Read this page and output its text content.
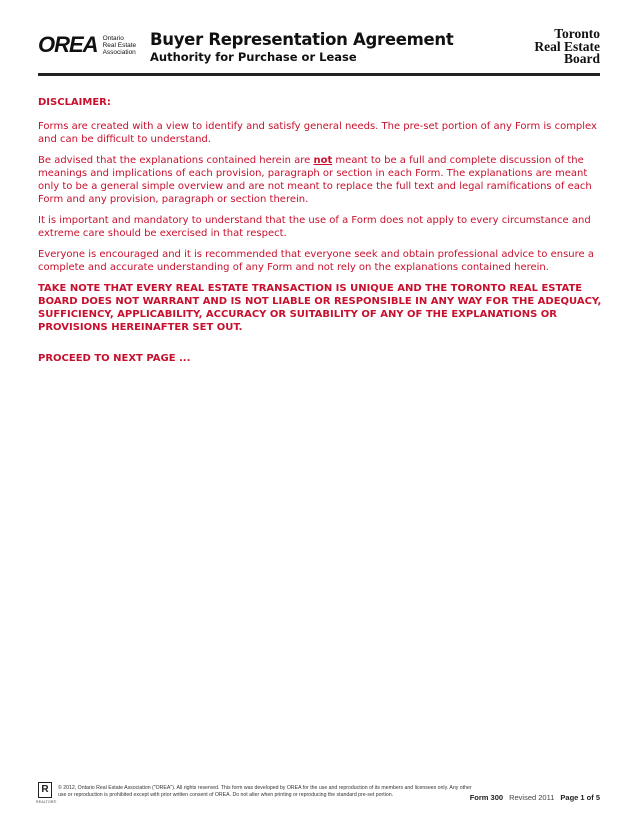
OREA Ontario
Real Estate
Association
Buyer Representation Agreement
Authority for Purchase or Lease
Toronto
Real Estate
Board

DISCLAIMER:

Forms are created with a view to identify and satisfy general needs. The pre-set portion of any Form is complex and can be difficult to understand.

Be advised that the explanations contained herein are not meant to be a full and complete discussion of the meanings and implications of each provision, paragraph or section in each Form. The explanations are meant only to be a general simple overview and are not meant to replace the full text and legal ramifications of each Form and any provision, paragraph or section therein.

It is important and mandatory to understand that the use of a Form does not apply to every circumstance and extreme care should be exercised in that respect.

Everyone is encouraged and it is recommended that everyone seek and obtain professional advice to ensure a complete and accurate understanding of any Form and not rely on the explanations contained herein.

TAKE NOTE THAT EVERY REAL ESTATE TRANSACTION IS UNIQUE AND THE TORONTO REAL ESTATE BOARD DOES NOT WARRANT AND IS NOT LIABLE OR RESPONSIBLE IN ANY WAY FOR THE ADEQUACY, SUFFICIENCY, APPLICABILITY, ACCURACY OR SUITABILITY OF ANY OF THE EXPLANATIONS OR PROVISIONS HEREINAFTER SET OUT.

PROCEED TO NEXT PAGE ...

R
REALTOR®
© 2012, Ontario Real Estate Association ("OREA"). All rights reserved. This form was developed by OREA for the use and reproduction of its members and licensees only. Any other use or reproduction is prohibited except with prior written consent of OREA. Do not alter when printing or reproducing the standard pre-set portion.	Form 300 Revised 2011 Page 1 of 5
